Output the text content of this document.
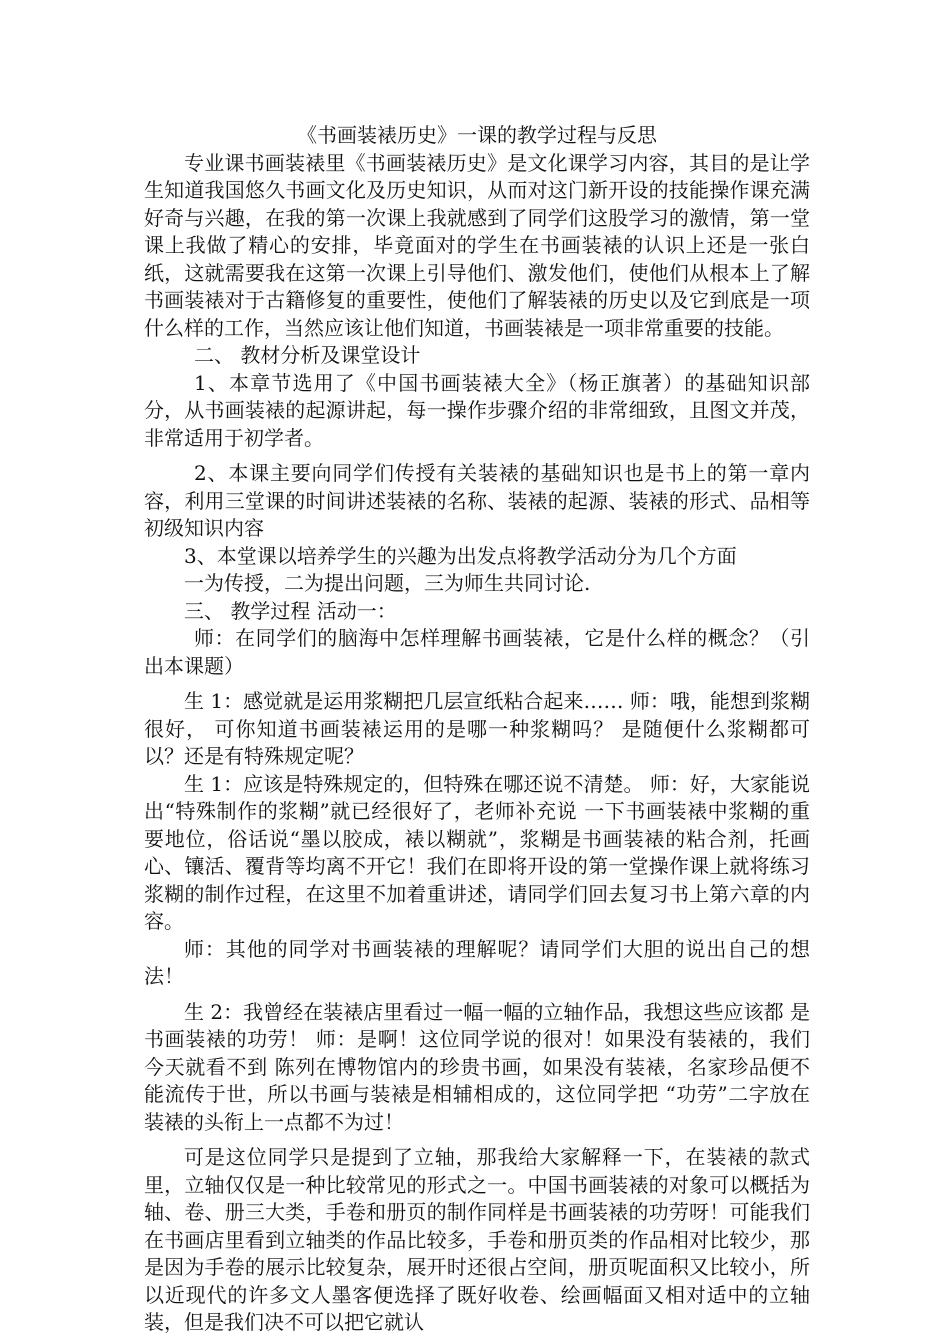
《书画装裱历史》一课的教学过程与反思

专业课书画装裱里《书画装裱历史》是文化课学习内容，其目的是让学生知道我国悠久书画文化及历史知识，从而对这门新开设的技能操作课充满好奇与兴趣，在我的第一次课上我就感到了同学们这股学习的激情，第一堂课上我做了精心的安排，毕竟面对的学生在书画装裱的认识上还是一张白纸，这就需要我在这第一次课上引导他们、激发他们，使他们从根本上了解书画装裱对于古籍修复的重要性，使他们了解装裱的历史以及它到底是一项什么样的工作，当然应该让他们知道，书画装裱是一项非常重要的技能。

二、 教材分析及课堂设计

1、本章节选用了《中国书画装裱大全》（杨正旗著）的基础知识部分，从书画装裱的起源讲起，每一操作步骤介绍的非常细致，且图文并茂，非常适用于初学者。

2、本课主要向同学们传授有关装裱的基础知识也是书上的第一章内容，利用三堂课的时间讲述装裱的名称、装裱的起源、装裱的形式、品相等初级知识内容

3、本堂课以培养学生的兴趣为出发点将教学活动分为几个方面

一为传授，二为提出问题，三为师生共同讨论.

三、 教学过程 活动一：

师：在同学们的脑海中怎样理解书画装裱，它是什么样的概念？（引出本课题）

生 1：感觉就是运用浆糊把几层宣纸粘合起来…… 师：哦，能想到浆糊很好， 可你知道书画装裱运用的是哪一种浆糊吗？ 是随便什么浆糊都可以？还是有特殊规定呢？

生 1：应该是特殊规定的，但特殊在哪还说不清楚。 师：好，大家能说出“特殊制作的浆糊”就已经很好了，老师补充说 一下书画装裱中浆糊的重要地位，俗话说“墨以胶成，裱以糊就”，浆糊是书画装裱的粘合剂，托画心、镶活、覆背等均离不开它！我们在即将开设的第一堂操作课上就将练习浆糊的制作过程，在这里不加着重讲述，请同学们回去复习书上第六章的内容。

师：其他的同学对书画装裱的理解呢？请同学们大胆的说出自己的想 法！

生 2：我曾经在装裱店里看过一幅一幅的立轴作品，我想这些应该都 是书画装裱的功劳！ 师：是啊！这位同学说的很对！如果没有装裱的，我们今天就看不到 陈列在博物馆内的珍贵书画，如果没有装裱，名家珍品便不能流传于世，所以书画与装裱是相辅相成的，这位同学把 “功劳”二字放在装裱的头衔上一点都不为过！

可是这位同学只是提到了立轴，那我给大家解释一下，在装裱的款式里，立轴仅仅是一种比较常见的形式之一。中国书画装裱的对象可以概括为轴、卷、册三大类，手卷和册页的制作同样是书画装裱的功劳呀！可能我们在书画店里看到立轴类的作品比较多，手卷和册页类的作品相对比较少，那是因为手卷的展示比较复杂，展开时还很占空间，册页呢面积又比较小，所以近现代的许多文人墨客便选择了既好收卷、绘画幅面又相对适中的立轴装，但是我们决不可以把它就认
